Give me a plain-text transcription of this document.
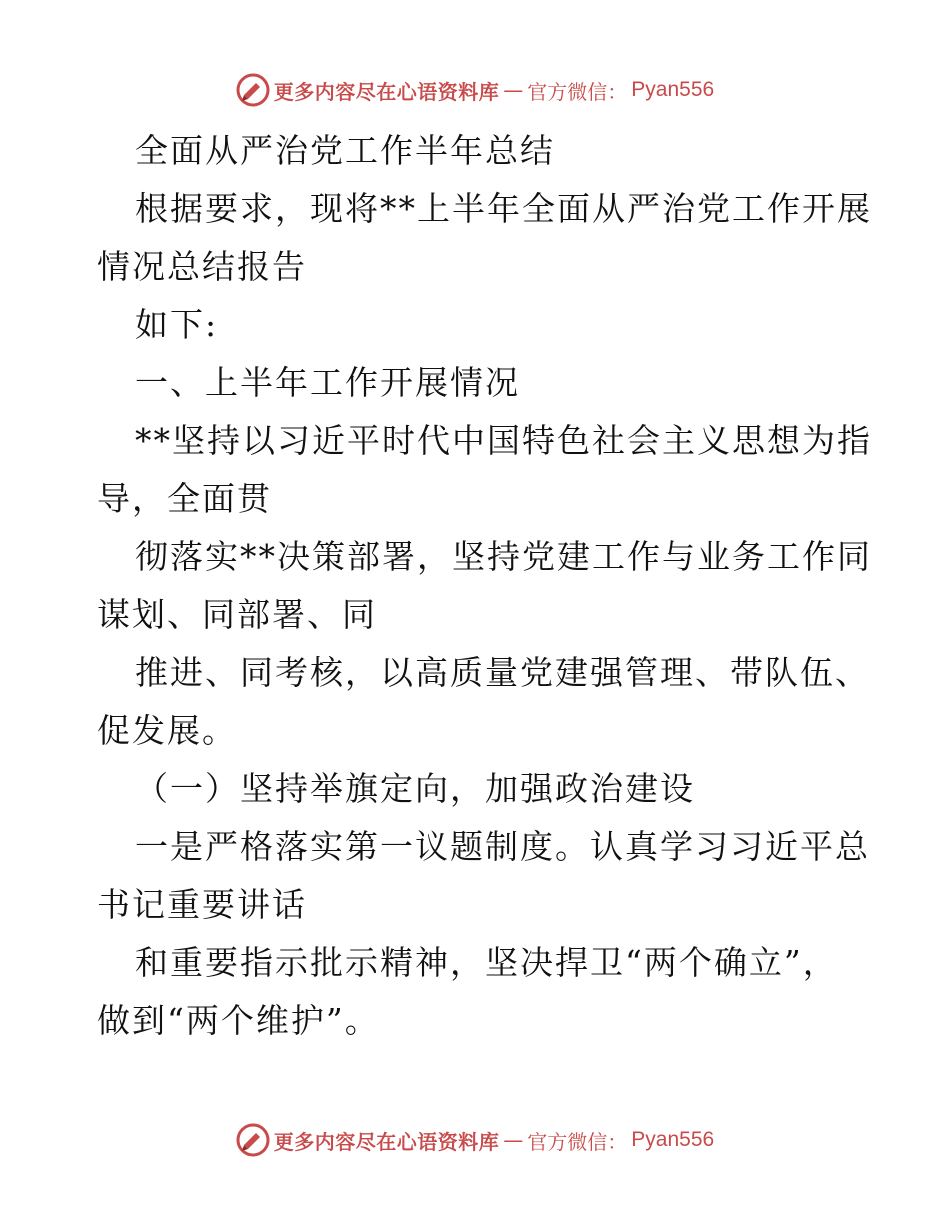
更多内容尽在心语资料库 — 官方微信： Pyan556
全面从严治党工作半年总结
根据要求，现将**上半年全面从严治党工作开展
情况总结报告
如下:
一、上半年工作开展情况
**坚持以习近平时代中国特色社会主义思想为指
导，全面贯
彻落实**决策部署，坚持党建工作与业务工作同
谋划、同部署、同
推进、同考核，以高质量党建强管理、带队伍、
促发展。
（一）坚持举旗定向，加强政治建设
一是严格落实第一议题制度。认真学习习近平总
书记重要讲话
和重要指示批示精神，坚决捍卫“两个确立”，
做到“两个维护”。
更多内容尽在心语资料库 — 官方微信： Pyan556
